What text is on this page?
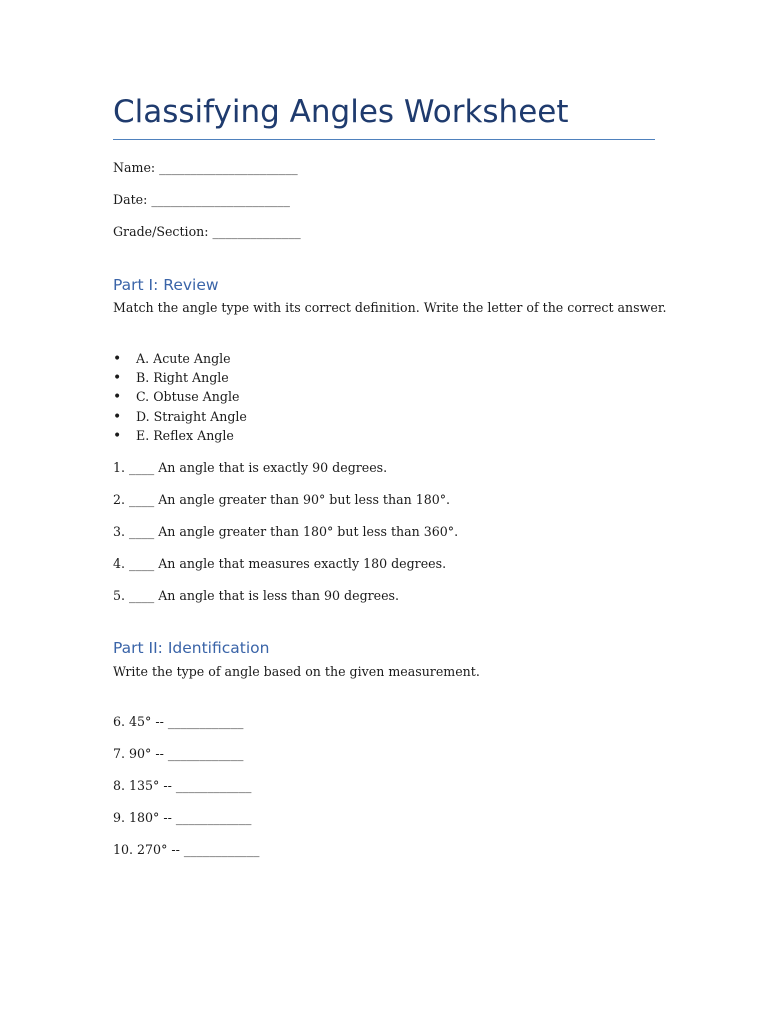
Classifying Angles Worksheet

Name: ______________________

Date: ______________________

Grade/Section: ______________

Part I: Review

Match the angle type with its correct definition. Write the letter of the correct answer.

• A. Acute Angle
• B. Right Angle
• C. Obtuse Angle
• D. Straight Angle
• E. Reflex Angle

1. ____ An angle that is exactly 90 degrees.

2. ____ An angle greater than 90° but less than 180°.

3. ____ An angle greater than 180° but less than 360°.

4. ____ An angle that measures exactly 180 degrees.

5. ____ An angle that is less than 90 degrees.

Part II: Identification

Write the type of angle based on the given measurement.

6. 45° -- ____________

7. 90° -- ____________

8. 135° -- ____________

9. 180° -- ____________

10. 270° -- ____________
